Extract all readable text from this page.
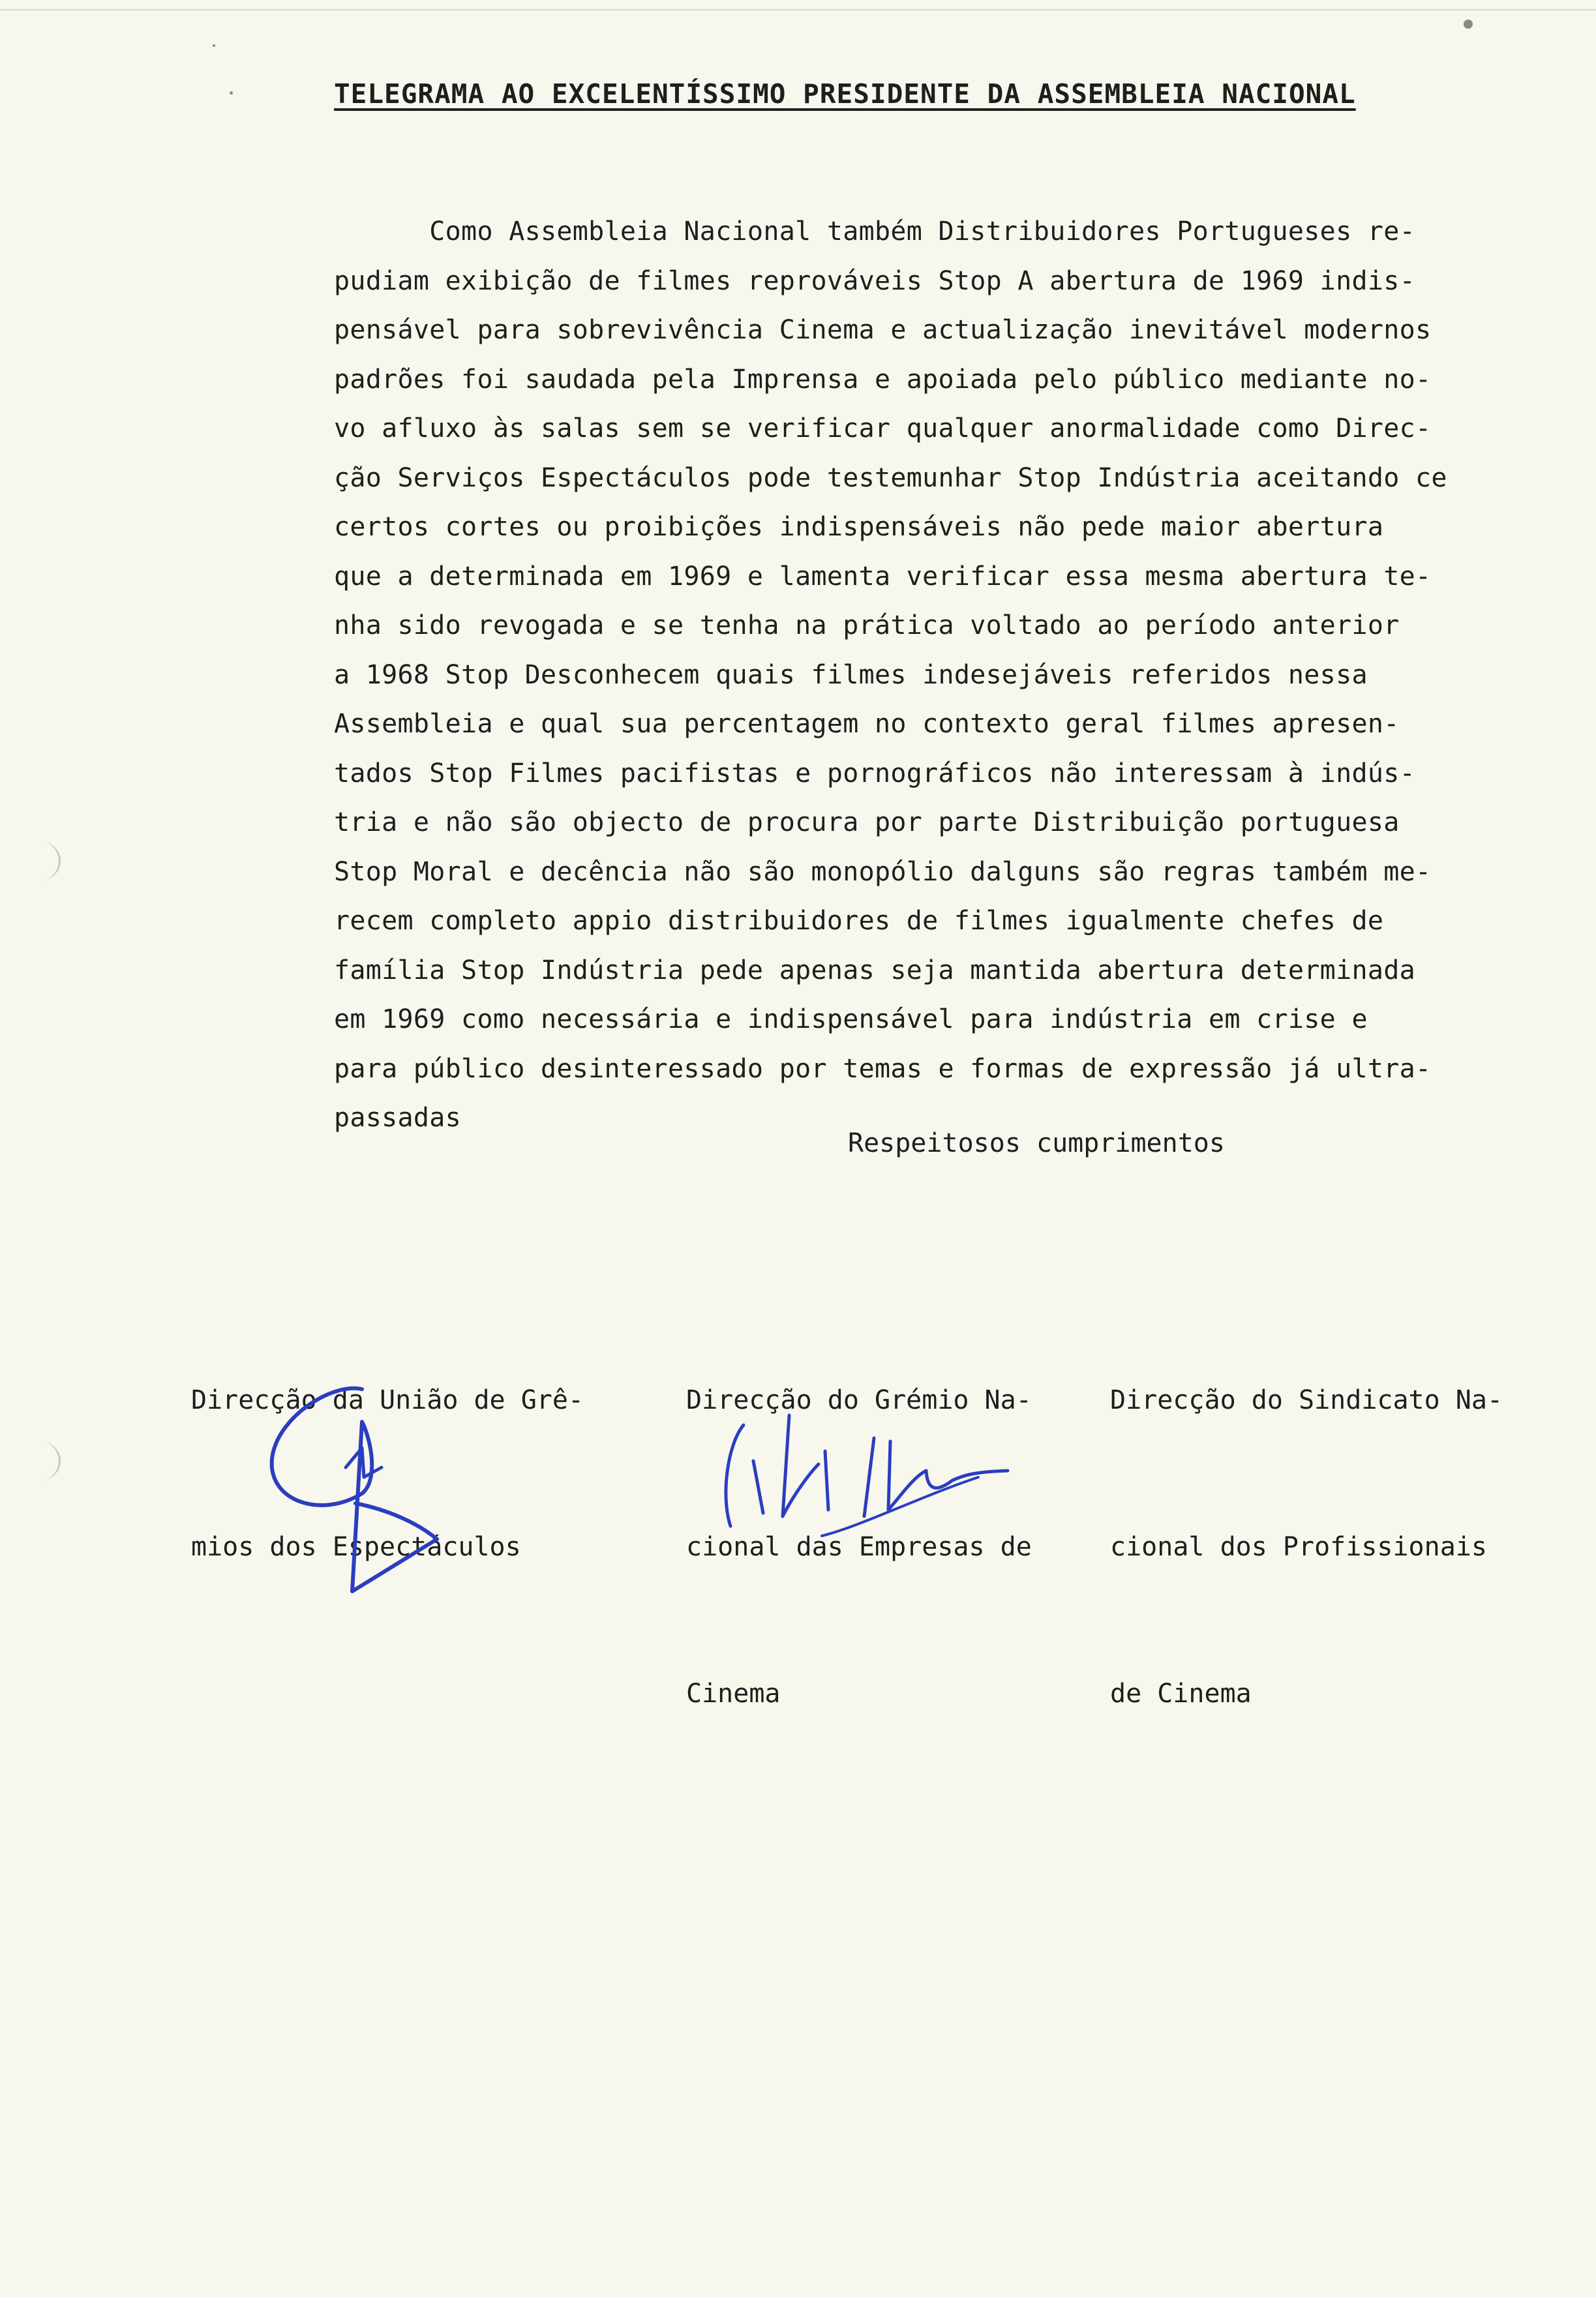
TELEGRAMA AO EXCELENTÍSSIMO PRESIDENTE DA ASSEMBLEIA NACIONAL
Como Assembleia Nacional também Distribuidores Portugueses re-
pudiam exibição de filmes reprováveis Stop A abertura de 1969 indis-
pensável para sobrevivência Cinema e actualização inevitável modernos
padrões foi saudada pela Imprensa e apoiada pelo público mediante no-
vo afluxo às salas sem se verificar qualquer anormalidade como Direc-
ção Serviços Espectáculos pode testemunhar Stop Indústria aceitando ce
certos cortes ou proibições indispensáveis não pede maior abertura
que a determinada em 1969 e lamenta verificar essa mesma abertura te-
nha sido revogada e se tenha na prática voltado ao período anterior
a 1968 Stop Desconhecem quais filmes indesejáveis referidos nessa
Assembleia e qual sua percentagem no contexto geral filmes apresen-
tados Stop Filmes pacifistas e pornográficos não interessam à indús-
tria e não são objecto de procura por parte Distribuição portuguesa
Stop Moral e decência não são monopólio dalguns são regras também me-
recem completo appio distribuidores de filmes igualmente chefes de
família Stop Indústria pede apenas seja mantida abertura determinada
em 1969 como necessária e indispensável para indústria em crise e
para público desinteressado por temas e formas de expressão já ultra-
passadas
Respeitosos cumprimentos

Direcção da União de Grê-

mios dos Espectáculos

Direcção do Grémio Na-

cional das Empresas de

Cinema

Direcção do Sindicato Na-

cional dos Profissionais

de Cinema
